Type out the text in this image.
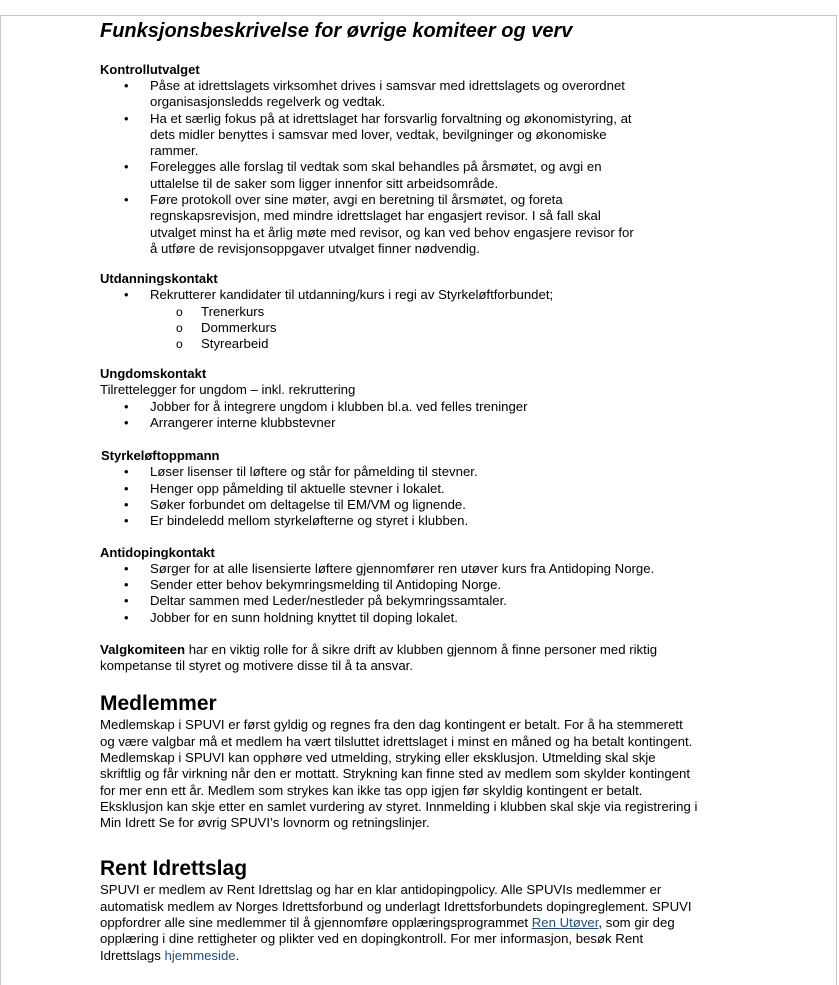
Funksjonsbeskrivelse for øvrige komiteer og verv
Kontrollutvalget
• Påse at idrettslagets virksomhet drives i samsvar med idrettslagets og overordnet
organisasjonsledds regelverk og vedtak.
• Ha et særlig fokus på at idrettslaget har forsvarlig forvaltning og økonomistyring, at
dets midler benyttes i samsvar med lover, vedtak, bevilgninger og økonomiske
rammer.
• Forelegges alle forslag til vedtak som skal behandles på årsmøtet, og avgi en
uttalelse til de saker som ligger innenfor sitt arbeidsområde.
• Føre protokoll over sine møter, avgi en beretning til årsmøtet, og foreta
regnskapsrevisjon, med mindre idrettslaget har engasjert revisor. I så fall skal
utvalget minst ha et årlig møte med revisor, og kan ved behov engasjere revisor for
å utføre de revisjonsoppgaver utvalget finner nødvendig.
Utdanningskontakt
• Rekrutterer kandidater til utdanning/kurs i regi av Styrkeløftforbundet;
o Trenerkurs
o Dommerkurs
o Styrearbeid
Ungdomskontakt
Tilrettelegger for ungdom – inkl. rekruttering
• Jobber for å integrere ungdom i klubben bl.a. ved felles treninger
• Arrangerer interne klubbstevner
Styrkeløftoppmann
• Løser lisenser til løftere og står for påmelding til stevner.
• Henger opp påmelding til aktuelle stevner i lokalet.
• Søker forbundet om deltagelse til EM/VM og lignende.
• Er bindeledd mellom styrkeløfterne og styret i klubben.
Antidopingkontakt
• Sørger for at alle lisensierte løftere gjennomfører ren utøver kurs fra Antidoping Norge.
• Sender etter behov bekymringsmelding til Antidoping Norge.
• Deltar sammen med Leder/nestleder på bekymringssamtaler.
• Jobber for en sunn holdning knyttet til doping lokalet.
Valgkomiteen har en viktig rolle for å sikre drift av klubben gjennom å finne personer med riktig
kompetanse til styret og motivere disse til å ta ansvar.
Medlemmer
Medlemskap i SPUVI er først gyldig og regnes fra den dag kontingent er betalt. For å ha stemmerett
og være valgbar må et medlem ha vært tilsluttet idrettslaget i minst en måned og ha betalt kontingent.
Medlemskap i SPUVI kan opphøre ved utmelding, stryking eller eksklusjon. Utmelding skal skje
skriftlig og får virkning når den er mottatt. Strykning kan finne sted av medlem som skylder kontingent
for mer enn ett år. Medlem som strykes kan ikke tas opp igjen før skyldig kontingent er betalt.
Eksklusjon kan skje etter en samlet vurdering av styret. Innmelding i klubben skal skje via registrering i
Min Idrett Se for øvrig SPUVI’s lovnorm og retningslinjer.
Rent Idrettslag
SPUVI er medlem av Rent Idrettslag og har en klar antidopingpolicy. Alle SPUVIs medlemmer er
automatisk medlem av Norges Idrettsforbund og underlagt Idrettsforbundets dopingreglement. SPUVI
oppfordrer alle sine medlemmer til å gjennomføre opplæringsprogrammet Ren Utøver, som gir deg
opplæring i dine rettigheter og plikter ved en dopingkontroll. For mer informasjon, besøk Rent
Idrettslags hjemmeside.
